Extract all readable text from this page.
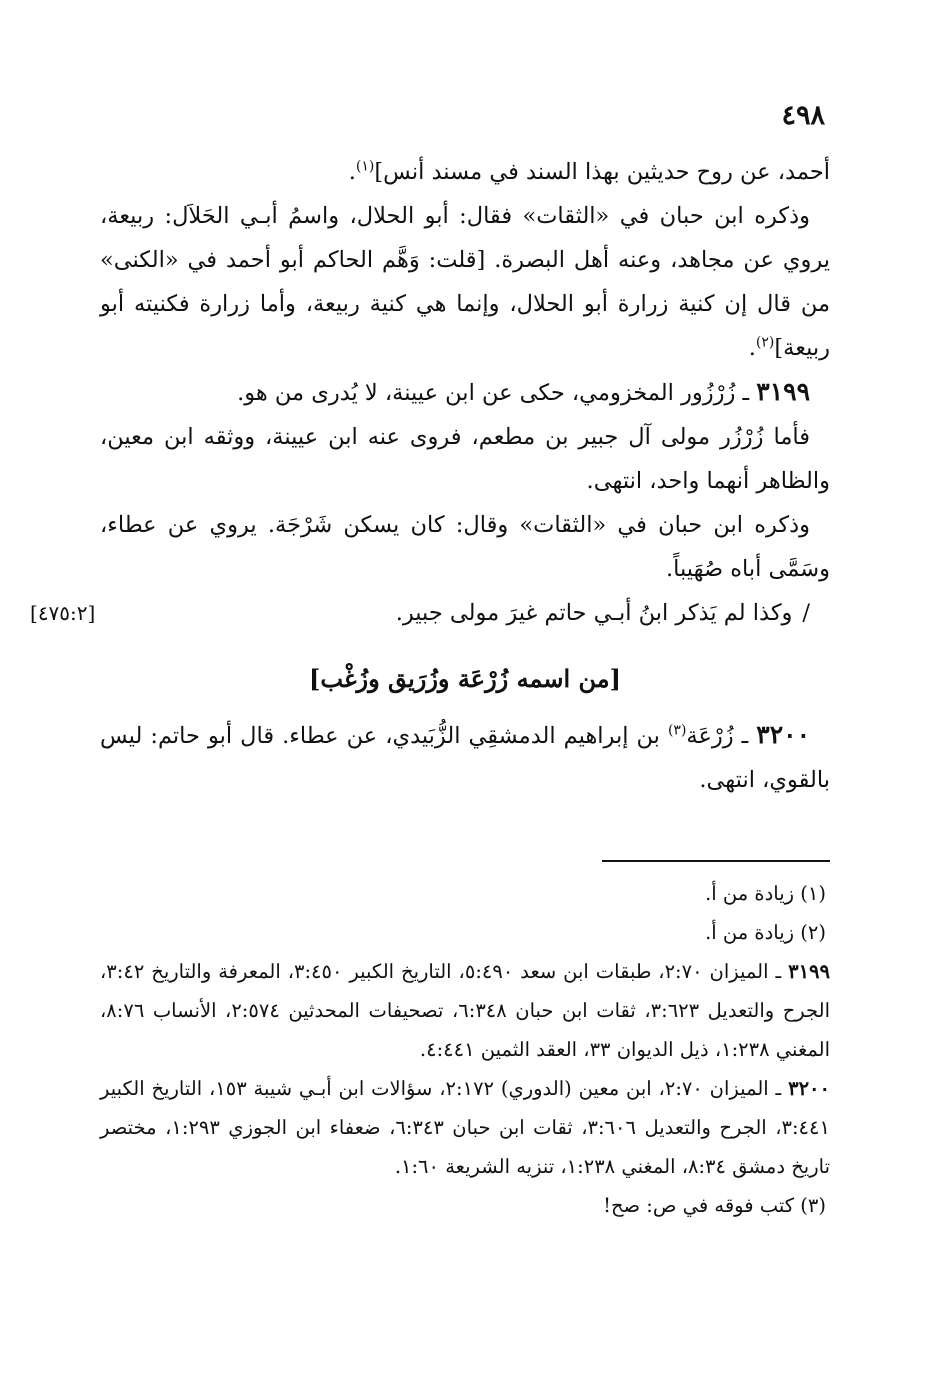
٤٩٨

أحمد، عن روح حديثين بهذا السند في مسند أنس]$^{(١)}$.

وذكره ابن حبان في «الثقات» فقال: أبو الحلال، واسمُ أبـي الحَلاَل: ربيعة، يروي عن مجاهد، وعنه أهل البصرة. [قلت: وَهَّم الحاكم أبو أحمد في «الكنى» من قال إن كنية زرارة أبو الحلال، وإنما هي كنية ربيعة، وأما زرارة فكنيته أبو ربيعة]$^{(٢)}$.

٣١٩٩ ـ زُرْزُور المخزومي، حكى عن ابن عيينة، لا يُدرى من هو.

فأما زُرْزُر مولى آل جبير بن مطعم، فروى عنه ابن عيينة، ووثقه ابن معين، والظاهر أنهما واحد، انتهى.

وذكره ابن حبان في «الثقات» وقال: كان يسكن شَرْجَة. يروي عن عطاء، وسَمَّى أباه صُهَيباً.

/وكذا لم يَذكر ابنُ أبـي حاتم غيرَ مولى جبير.
[٤٧٥:٢]

[من اسمه زُرْعَة وزُرَيق وزُغْب]

٣٢٠٠ ـ زُرْعَة$^{(٣)}$ بن إبراهيم الدمشقِي الزُّبَيدي، عن عطاء. قال أبو حاتم: ليس بالقوي، انتهى.

(١) زيادة من أ.

(٢) زيادة من أ.

٣١٩٩ ـ الميزان ٢:٧٠، طبقات ابن سعد ٥:٤٩٠، التاريخ الكبير ٣:٤٥٠، المعرفة والتاريخ ٣:٤٢، الجرح والتعديل ٣:٦٢٣، ثقات ابن حبان ٦:٣٤٨، تصحيفات المحدثين ٢:٥٧٤، الأنساب ٨:٧٦، المغني ١:٢٣٨، ذيل الديوان ٣٣، العقد الثمين ٤:٤٤١.

٣٢٠٠ ـ الميزان ٢:٧٠، ابن معين (الدوري) ٢:١٧٢، سؤالات ابن أبـي شيبة ١٥٣، التاريخ الكبير ٣:٤٤١، الجرح والتعديل ٣:٦٠٦، ثقات ابن حبان ٦:٣٤٣، ضعفاء ابن الجوزي ١:٢٩٣، مختصر تاريخ دمشق ٨:٣٤، المغني ١:٢٣٨، تنزيه الشريعة ١:٦٠.

(٣) كتب فوقه في ص: صح!
